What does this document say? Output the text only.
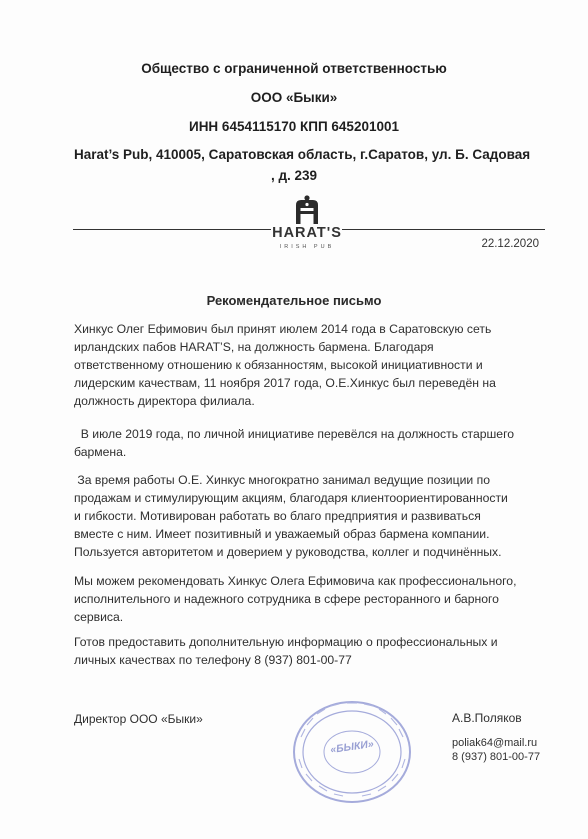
Общество с ограниченной ответственностью
ООО «Быки»
ИНН 6454115170 КПП 645201001
Harat’s Pub, 410005, Саратовская область, г.Саратов, ул. Б. Садовая
, д. 239
HARAT'S
IRISH PUB	22.12.2020
Рекомендательное письмо
Хинкус Олег Ефимович был принят июлем 2014 года в Саратовскую сеть
ирландских пабов HARAT’S, на должность бармена. Благодаря
ответственному отношению к обязанностям, высокой инициативности и
лидерским качествам, 11 ноября 2017 года, О.Е.Хинкус был переведён на
должность директора филиала.
В июле 2019 года, по личной инициативе перевёлся на должность старшего
бармена.
За время работы О.Е. Хинкус многократно занимал ведущие позиции по
продажам и стимулирующим акциям, благодаря клиентоориентированности
и гибкости. Мотивирован работать во благо предприятия и развиваться
вместе с ним. Имеет позитивный и уважаемый образ бармена компании.
Пользуется авторитетом и доверием у руководства, коллег и подчинённых.
Мы можем рекомендовать Хинкус Олега Ефимовича как профессионального,
исполнительного и надежного сотрудника в сфере ресторанного и барного
сервиса.
Готов предоставить дополнительную информацию о профессиональных и
личных качествах по телефону 8 (937) 801-00-77
Директор ООО «Быки»
«БЫКИ»
А.В.Поляков
poliak64@mail.ru
8 (937) 801-00-77
